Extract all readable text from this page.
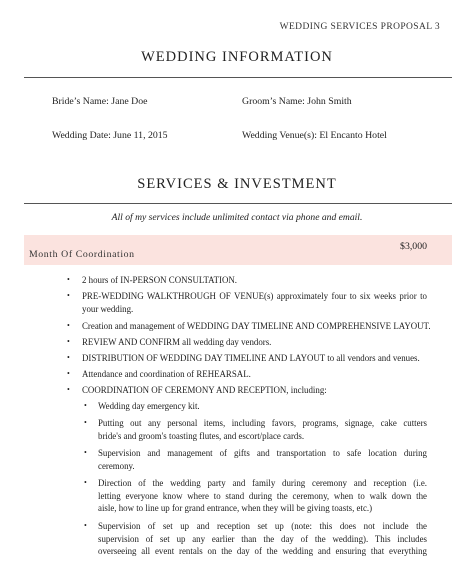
WEDDING SERVICES PROPOSAL 3
WEDDING INFORMATION
Bride’s Name: Jane Doe	Groom’s Name: John Smith
Wedding Date: June 11, 2015	Wedding Venue(s): El Encanto Hotel
SERVICES & INVESTMENT
All of my services include unlimited contact via phone and email.
Month Of Coordination
$3,000
• 2 hours of IN-PERSON CONSULTATION.
• PRE-WEDDING WALKTHROUGH OF VENUE(s) approximately four to six weeks prior to
your wedding.
• Creation and management of WEDDING DAY TIMELINE AND COMPREHENSIVE LAYOUT.
• REVIEW AND CONFIRM all wedding day vendors.
• DISTRIBUTION OF WEDDING DAY TIMELINE AND LAYOUT to all vendors and venues.
• Attendance and coordination of REHEARSAL.
• COORDINATION OF CEREMONY AND RECEPTION, including:
• Wedding day emergency kit.
• Putting out any personal items, including favors, programs, signage, cake cutters
bride's and groom's toasting flutes, and escort/place cards.
• Supervision and management of gifts and transportation to safe location during
ceremony.
• Direction of the wedding party and family during ceremony and reception (i.e.
letting everyone know where to stand during the ceremony, when to walk down the
aisle, how to line up for grand entrance, when they will be giving toasts, etc.)
• Supervision of set up and reception set up (note: this does not include the
supervision of set up any earlier than the day of the wedding). This includes
overseeing all event rentals on the day of the wedding and ensuring that everything
